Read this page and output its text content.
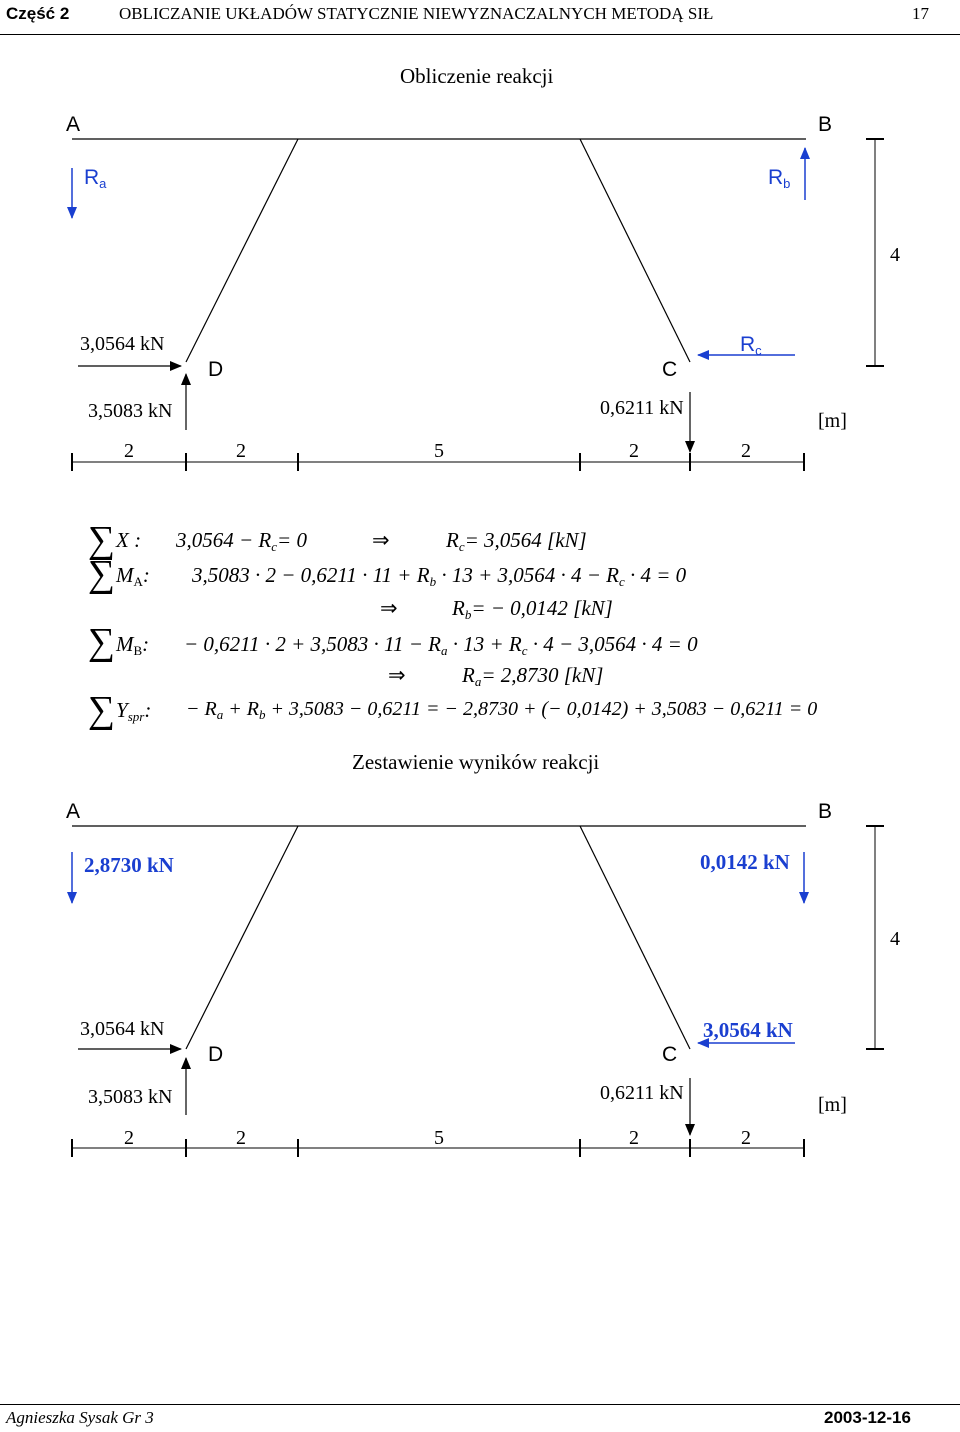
Część 2	OBLICZANIE UKŁADÓW STATYCZNIE NIEWYZNACZALNYCH METODĄ SIŁ	17
Obliczenie reakcji
A	B
D	C
$R_a$	$R_b$
$R_c$
3,0564 kN
3,5083 kN	0,6211 kN
4
[m]
2	2	5	2	2
∑ X : $3,0564 - R_c= 0$	⇒	$R_c= 3,0564$ [kN]
∑ $M_A$: $3,5083 \cdot 2 - 0,6211 \cdot 11 + R_b \cdot 13 + 3,0564 \cdot 4 - R_c \cdot 4 = 0$
⇒	$R_b= - 0,0142$ [kN]
∑ $M_B$: − $0,6211 \cdot 2 + 3,5083 \cdot 11 - R_a \cdot 13 + R_c \cdot 4 - 3,0564 \cdot 4 = 0$
⇒	$R_a= 2,8730$ [kN]
∑ $Y_{spr}$: − $R_a + R_b + 3,5083 - 0,6211$ = − 2,8730 + (− 0,0142) + 3,5083 − 0,6211 = 0
Zestawienie wyników reakcji
A	B
D	C
2,8730 kN	0,0142 kN
3,0564 kN
3,0564 kN
3,5083 kN	0,6211 kN
4
[m]
2	2	5	2	2
Agnieszka Sysak Gr 3	2003-12-16
